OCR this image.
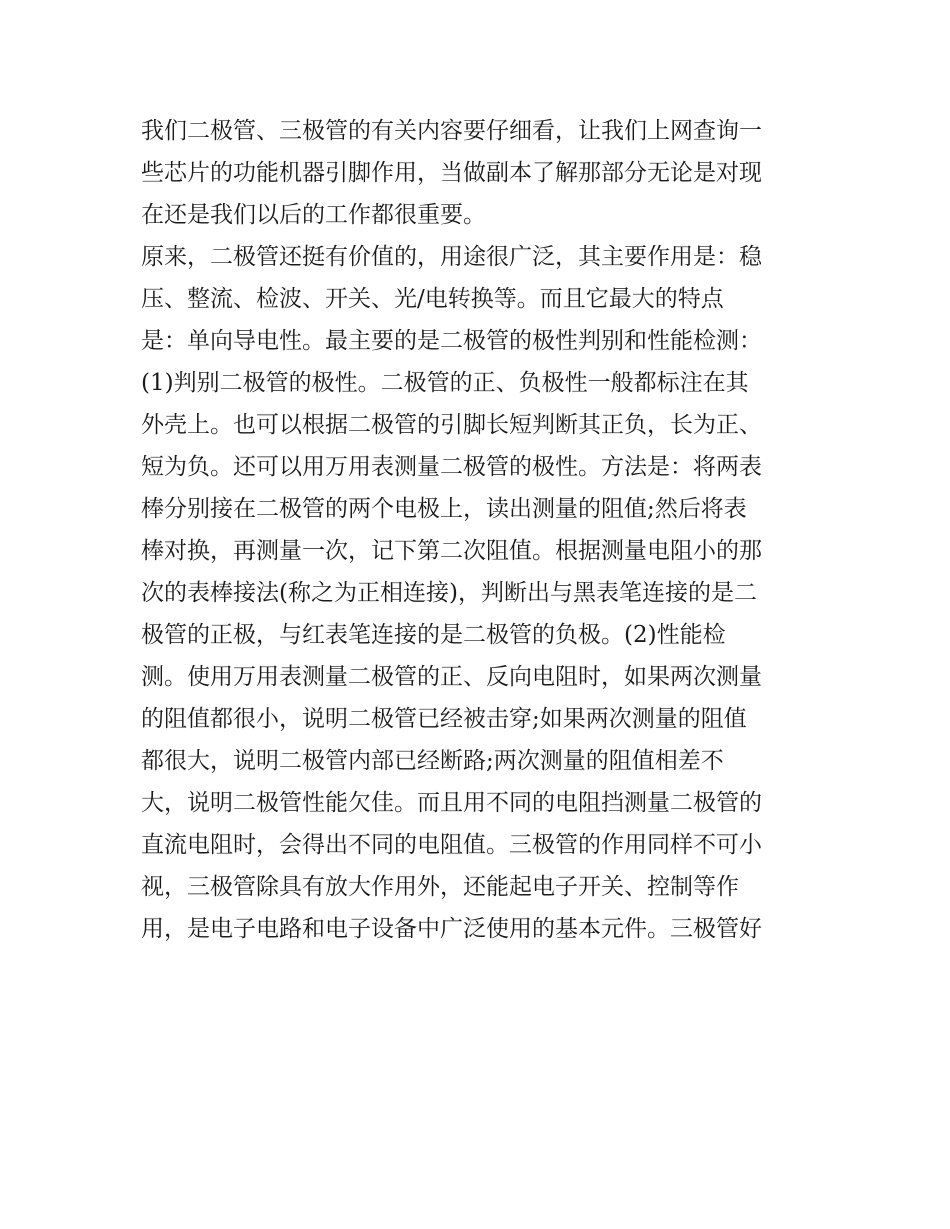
我们二极管、三极管的有关内容要仔细看，让我们上网查询一
些芯片的功能机器引脚作用，当做副本了解那部分无论是对现
在还是我们以后的工作都很重要。
原来，二极管还挺有价值的，用途很广泛，其主要作用是：稳
压、整流、检波、开关、光/电转换等。而且它最大的特点
是：单向导电性。最主要的是二极管的极性判别和性能检测：
(1)判别二极管的极性。二极管的正、负极性一般都标注在其
外壳上。也可以根据二极管的引脚长短判断其正负，长为正、
短为负。还可以用万用表测量二极管的极性。方法是：将两表
棒分别接在二极管的两个电极上，读出测量的阻值;然后将表
棒对换，再测量一次，记下第二次阻值。根据测量电阻小的那
次的表棒接法(称之为正相连接)，判断出与黑表笔连接的是二
极管的正极，与红表笔连接的是二极管的负极。(2)性能检
测。使用万用表测量二极管的正、反向电阻时，如果两次测量
的阻值都很小，说明二极管已经被击穿;如果两次测量的阻值
都很大，说明二极管内部已经断路;两次测量的阻值相差不
大，说明二极管性能欠佳。而且用不同的电阻挡测量二极管的
直流电阻时，会得出不同的电阻值。三极管的作用同样不可小
视，三极管除具有放大作用外，还能起电子开关、控制等作
用，是电子电路和电子设备中广泛使用的基本元件。三极管好
